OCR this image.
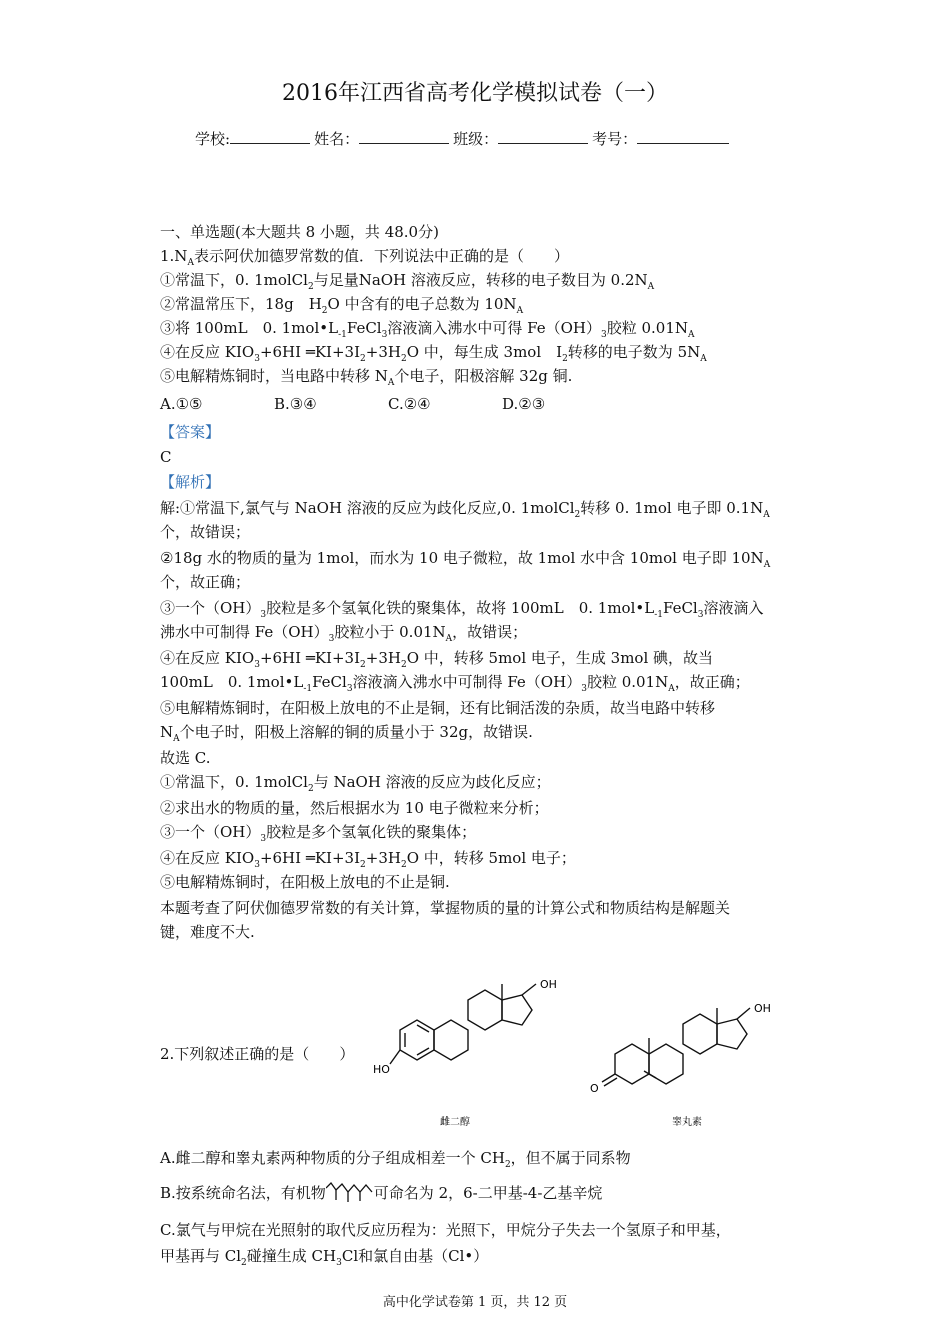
2016年江西省高考化学模拟试卷（一）
学校:	姓名：	班级：	考号：
一、单选题(本大题共 8 小题，共 48.0分)
$1.N_A$表示阿伏加德罗常数的值．下列说法中正确的是（　　）
①常温下，0. 1molCl$_2$与足量NaOH 溶液反应，转移的电子数目为 $0.2N_A$
②常温常压下，18g　$H_2O$ 中含有的电子总数为 $10N_A$
③将 100mL　0. $1mol•L_{-1}FeCl_3$溶液滴入沸水中可得 $Fe(OH)_3$胶粒 $0.01N_A$
④在反应 $KIO_3+6HI$ $═KI+3I_2+3H_2O$ 中，每生成 3mol　$I_2$转移的电子数为 $5N_A$
⑤电解精炼铜时，当电路中转移 $N_A$个电子，阳极溶解 32g 铜.
A.①⑤	B.③④	C.②④	D.②③
【答案】
C
【解析】
解:①常温下,氯气与 NaOH 溶液的反应为歧化反应,0. 1molCl$_2$转移 0. 1mol 电子即 $0.1N_A$
个，故错误；
②18g 水的物质的量为 1mol，而水为 10 电子微粒，故 1mol 水中含 10mol 电子即 $10N_A$
个，故正确；
③一个$(OH)_3$胶粒是多个氢氧化铁的聚集体，故将 100mL　0. $1mol•L_{-1}FeCl_3$溶液滴入
沸水中可制得 $Fe(OH)_3$胶粒小于 $0.01N_A$，故错误；
④在反应 $KIO_3+6HI$ $═KI+3I_2+3H_2O$ 中，转移 5mol 电子，生成 3mol 碘，故当
100mL　0. $1mol•L_{-1}FeCl_3$溶液滴入沸水中可制得 $Fe(OH)_3$胶粒 $0.01N_A$，故正确；
⑤电解精炼铜时，在阳极上放电的不止是铜，还有比铜活泼的杂质，故当电路中转移
$N_A$个电子时，阳极上溶解的铜的质量小于 32g，故错误.
故选 C.
①常温下，0. 1molCl$_2$与 NaOH 溶液的反应为歧化反应；
②求出水的物质的量，然后根据水为 10 电子微粒来分析；
③一个$(OH)_3$胶粒是多个氢氧化铁的聚集体；
④在反应 $KIO_3+6HI$ $═KI+3I_2+3H_2O$ 中，转移 5mol 电子；
⑤电解精炼铜时，在阳极上放电的不止是铜.
本题考查了阿伏伽德罗常数的有关计算，掌握物质的量的计算公式和物质结构是解题关
键，难度不大.
2.下列叙述正确的是（　　）
OH
OH
HO
O
雌二醇	睾丸素
A.雌二醇和睾丸素两种物质的分子组成相差一个 $CH_2$，但不属于同系物
B.按系统命名法，有机物	可命名为 2，6-二甲基-4-乙基辛烷
C.氯气与甲烷在光照射的取代反应历程为：光照下，甲烷分子失去一个氢原子和甲基，
甲基再与 $Cl_2$碰撞生成 $CH_3Cl$和氯自由基（Cl•）
高中化学试卷第 1 页，共 12 页
